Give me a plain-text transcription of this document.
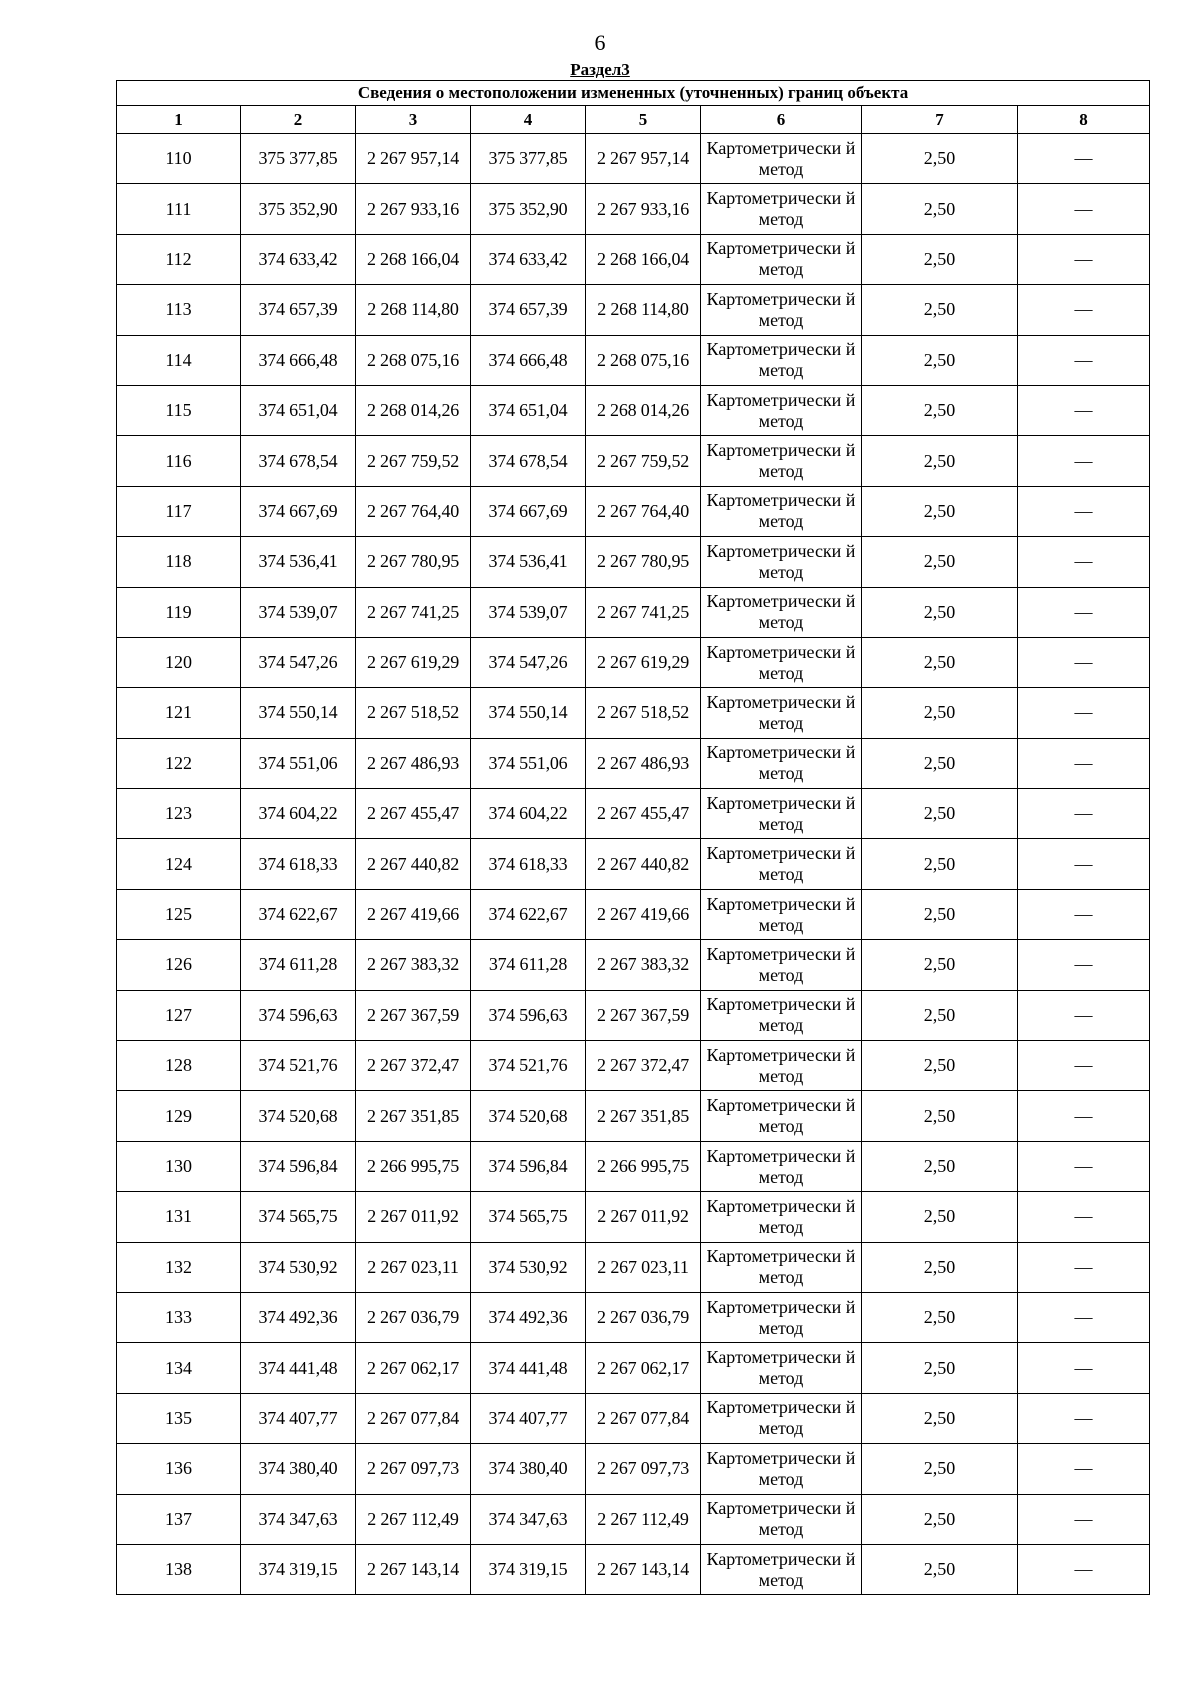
6
Раздел3
Сведения о местоположении измененных (уточненных) границ объекта							
1	2	3	4	5	6	7	8
110	375 377,85	2 267 957,14	375 377,85	2 267 957,14	Картометрически й метод	2,50	—
111	375 352,90	2 267 933,16	375 352,90	2 267 933,16	Картометрически й метод	2,50	—
112	374 633,42	2 268 166,04	374 633,42	2 268 166,04	Картометрически й метод	2,50	—
113	374 657,39	2 268 114,80	374 657,39	2 268 114,80	Картометрически й метод	2,50	—
114	374 666,48	2 268 075,16	374 666,48	2 268 075,16	Картометрически й метод	2,50	—
115	374 651,04	2 268 014,26	374 651,04	2 268 014,26	Картометрически й метод	2,50	—
116	374 678,54	2 267 759,52	374 678,54	2 267 759,52	Картометрически й метод	2,50	—
117	374 667,69	2 267 764,40	374 667,69	2 267 764,40	Картометрически й метод	2,50	—
118	374 536,41	2 267 780,95	374 536,41	2 267 780,95	Картометрически й метод	2,50	—
119	374 539,07	2 267 741,25	374 539,07	2 267 741,25	Картометрически й метод	2,50	—
120	374 547,26	2 267 619,29	374 547,26	2 267 619,29	Картометрически й метод	2,50	—
121	374 550,14	2 267 518,52	374 550,14	2 267 518,52	Картометрически й метод	2,50	—
122	374 551,06	2 267 486,93	374 551,06	2 267 486,93	Картометрически й метод	2,50	—
123	374 604,22	2 267 455,47	374 604,22	2 267 455,47	Картометрически й метод	2,50	—
124	374 618,33	2 267 440,82	374 618,33	2 267 440,82	Картометрически й метод	2,50	—
125	374 622,67	2 267 419,66	374 622,67	2 267 419,66	Картометрически й метод	2,50	—
126	374 611,28	2 267 383,32	374 611,28	2 267 383,32	Картометрически й метод	2,50	—
127	374 596,63	2 267 367,59	374 596,63	2 267 367,59	Картометрически й метод	2,50	—
128	374 521,76	2 267 372,47	374 521,76	2 267 372,47	Картометрически й метод	2,50	—
129	374 520,68	2 267 351,85	374 520,68	2 267 351,85	Картометрически й метод	2,50	—
130	374 596,84	2 266 995,75	374 596,84	2 266 995,75	Картометрически й метод	2,50	—
131	374 565,75	2 267 011,92	374 565,75	2 267 011,92	Картометрически й метод	2,50	—
132	374 530,92	2 267 023,11	374 530,92	2 267 023,11	Картометрически й метод	2,50	—
133	374 492,36	2 267 036,79	374 492,36	2 267 036,79	Картометрически й метод	2,50	—
134	374 441,48	2 267 062,17	374 441,48	2 267 062,17	Картометрически й метод	2,50	—
135	374 407,77	2 267 077,84	374 407,77	2 267 077,84	Картометрически й метод	2,50	—
136	374 380,40	2 267 097,73	374 380,40	2 267 097,73	Картометрически й метод	2,50	—
137	374 347,63	2 267 112,49	374 347,63	2 267 112,49	Картометрически й метод	2,50	—
138	374 319,15	2 267 143,14	374 319,15	2 267 143,14	Картометрически й метод	2,50	—
